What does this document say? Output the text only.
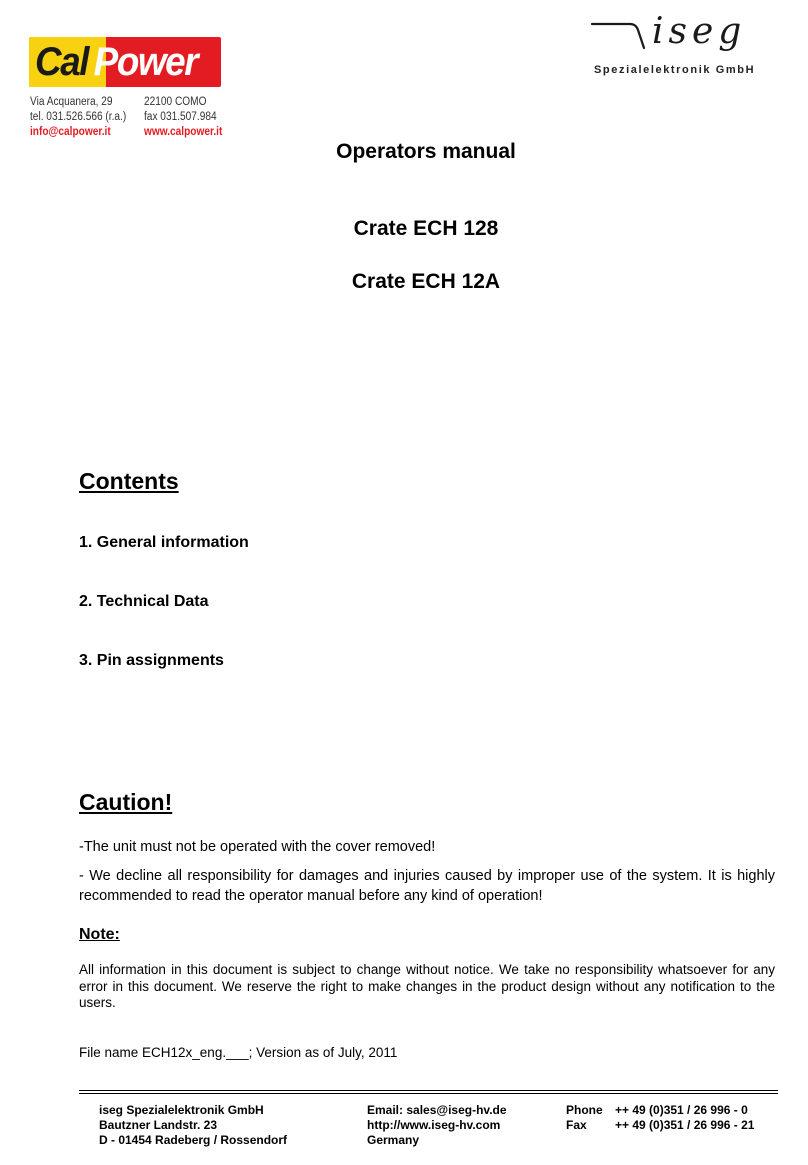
Cal Power
Via Acquanera, 29
tel. 031.526.566 (r.a.)
info@calpower.it
22100 COMO
fax 031.507.984
www.calpower.it
iseg
Spezialelektronik GmbH
Operators manual
Crate ECH 128
Crate ECH 12A
Contents
1. General information
2. Technical Data
3. Pin assignments
Caution!
-The unit must not be operated with the cover removed!
- We decline all responsibility for damages and injuries caused by improper use of the system. It is highly recommended to read the operator manual before any kind of operation!
Note:
All information in this document is subject to change without notice. We take no responsibility whatsoever for any error in this document. We reserve the right to make changes in the product design without any notification to the users.
File name ECH12x_eng.___; Version as of July, 2011
iseg Spezialelektronik GmbH
Bautzner Landstr. 23
D - 01454 Radeberg / Rossendorf
Email: sales@iseg-hv.de
http://www.iseg-hv.com
Germany
Phone ++ 49 (0)351 / 26 996 - 0
Fax ++ 49 (0)351 / 26 996 - 21
